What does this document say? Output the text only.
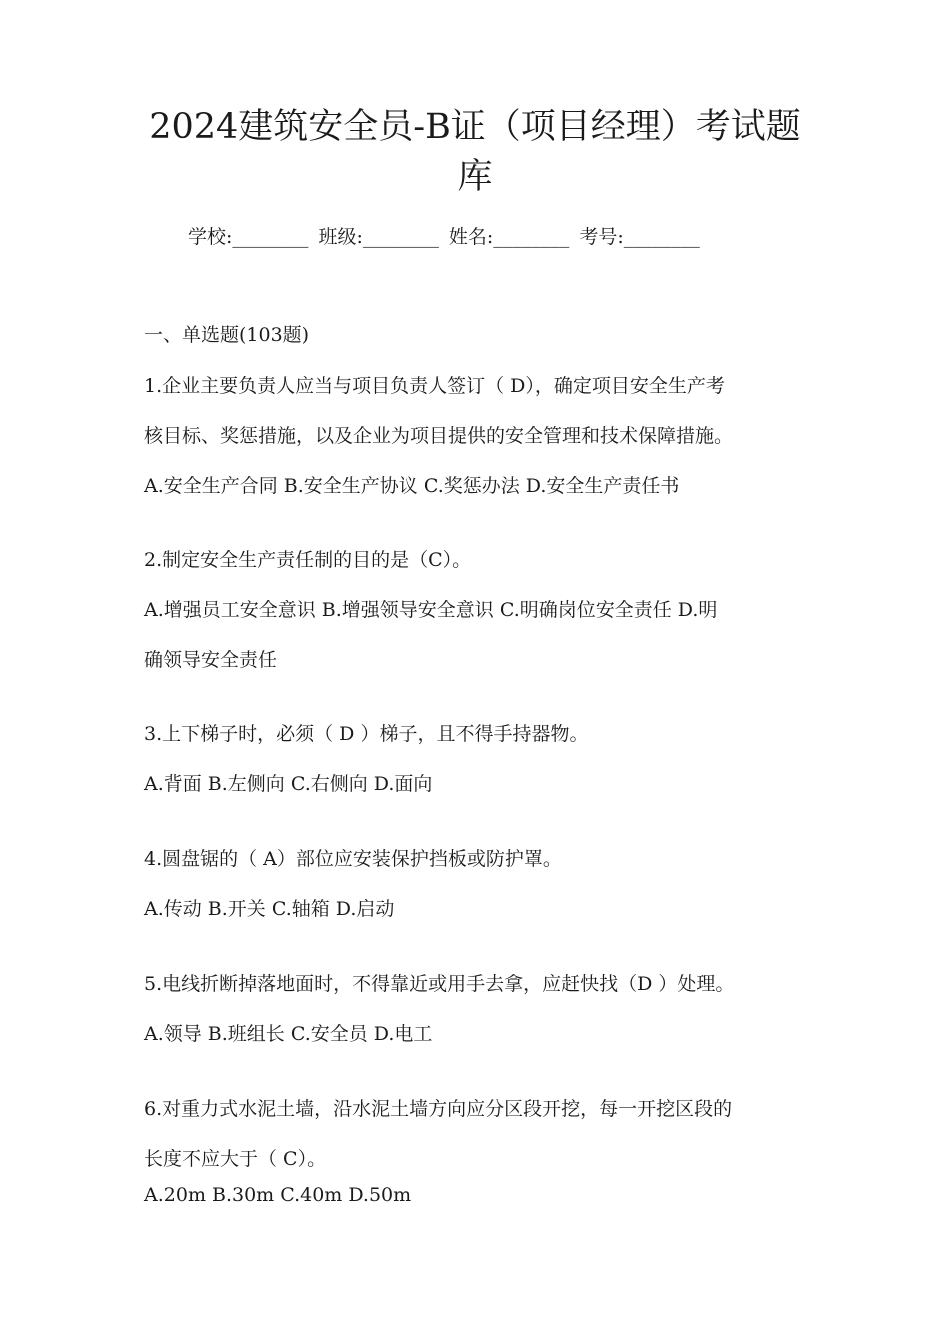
2024建筑安全员-B证（项目经理）考试题
库
学校:________ 班级:________ 姓名:________ 考号:________
一、单选题(103题)
1.企业主要负责人应当与项目负责人签订（ D），确定项目安全生产考
核目标、奖惩措施，以及企业为项目提供的安全管理和技术保障措施。
A.安全生产合同 B.安全生产协议 C.奖惩办法 D.安全生产责任书
2.制定安全生产责任制的目的是（C）。
A.增强员工安全意识 B.增强领导安全意识 C.明确岗位安全责任 D.明
确领导安全责任
3.上下梯子时，必须（ D ）梯子，且不得手持器物。
A.背面 B.左侧向 C.右侧向 D.面向
4.圆盘锯的（ A）部位应安装保护挡板或防护罩。
A.传动 B.开关 C.轴箱 D.启动
5.电线折断掉落地面时，不得靠近或用手去拿，应赶快找（D ）处理。
A.领导 B.班组长 C.安全员 D.电工
6.对重力式水泥土墙，沿水泥土墙方向应分区段开挖，每一开挖区段的
长度不应大于（ C）。
A.20m B.30m C.40m D.50m
